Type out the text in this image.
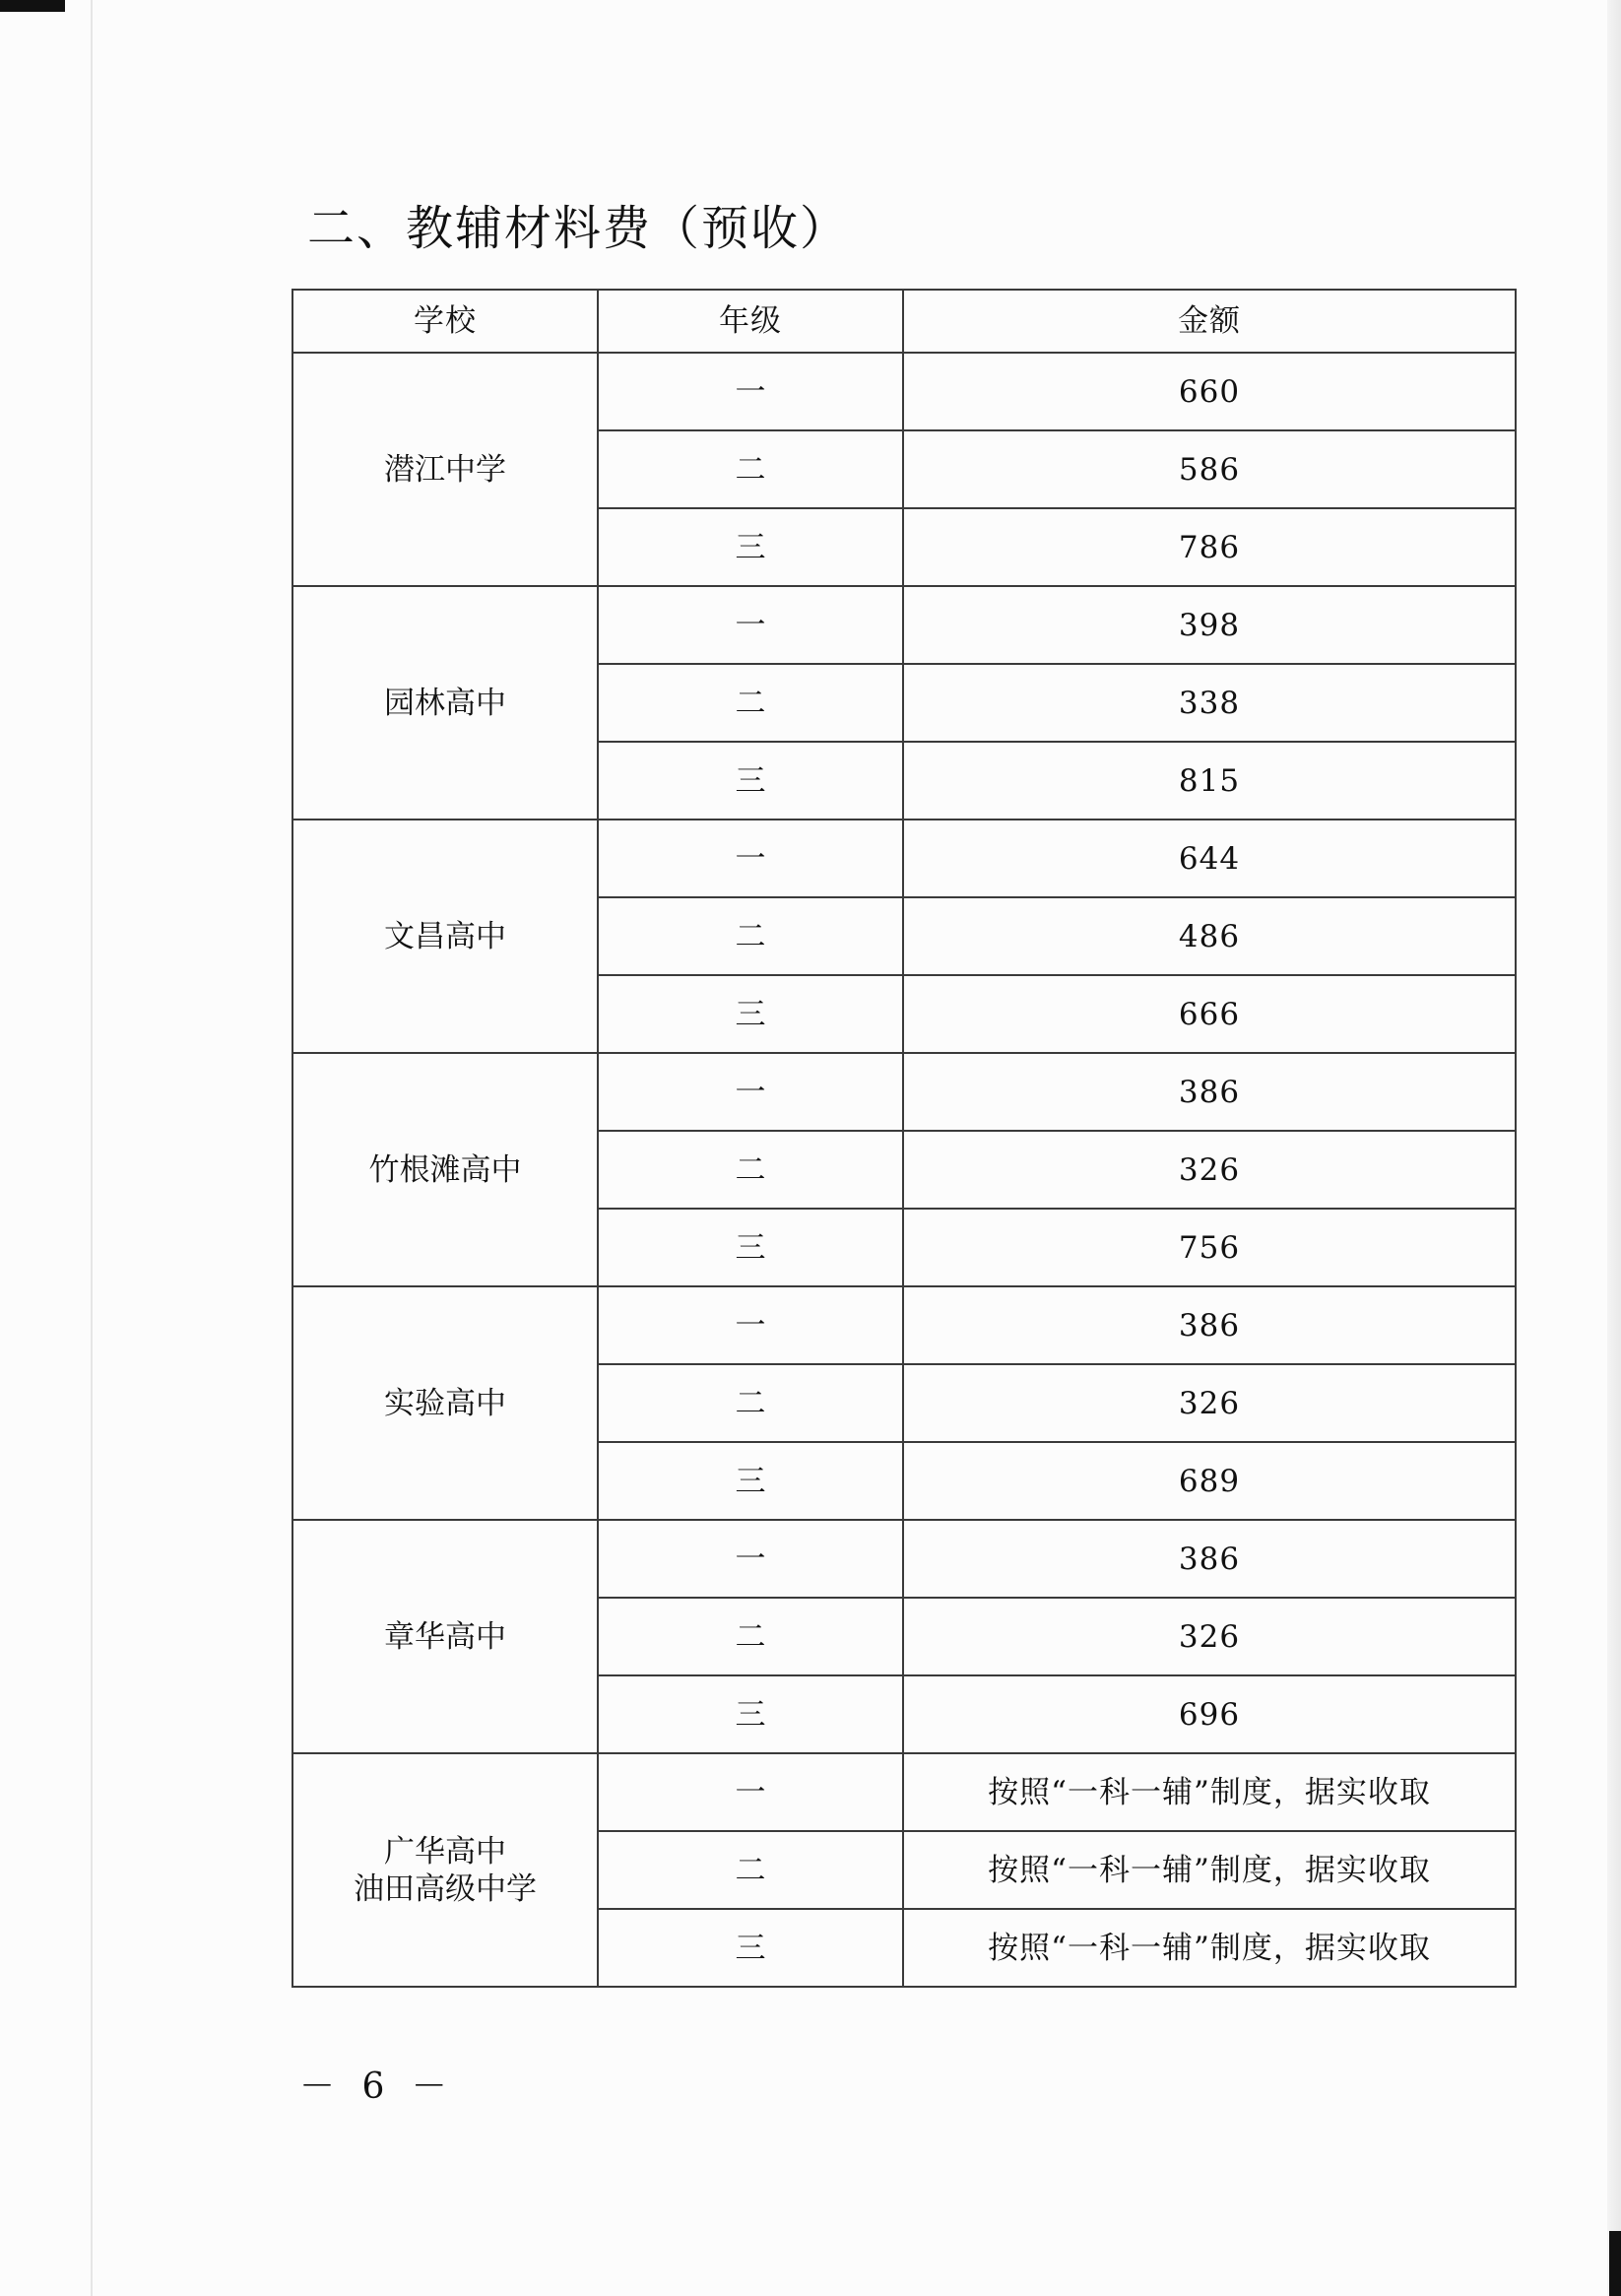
二、教辅材料费（预收）
学校	年级	金额

潜江中学	一	660
	二	586
	三	786

园林高中	一	398
	二	338
	三	815

文昌高中	一	644
	二	486
	三	666

竹根滩高中	一	386
	二	326
	三	756

实验高中	一	386
	二	326
	三	689

章华高中	一	386
	二	326
	三	696

广华高中
油田高级中学	一	按照“一科一辅”制度，据实收取
	二	按照“一科一辅”制度，据实收取
	三	按照“一科一辅”制度，据实收取
－ 6 －
